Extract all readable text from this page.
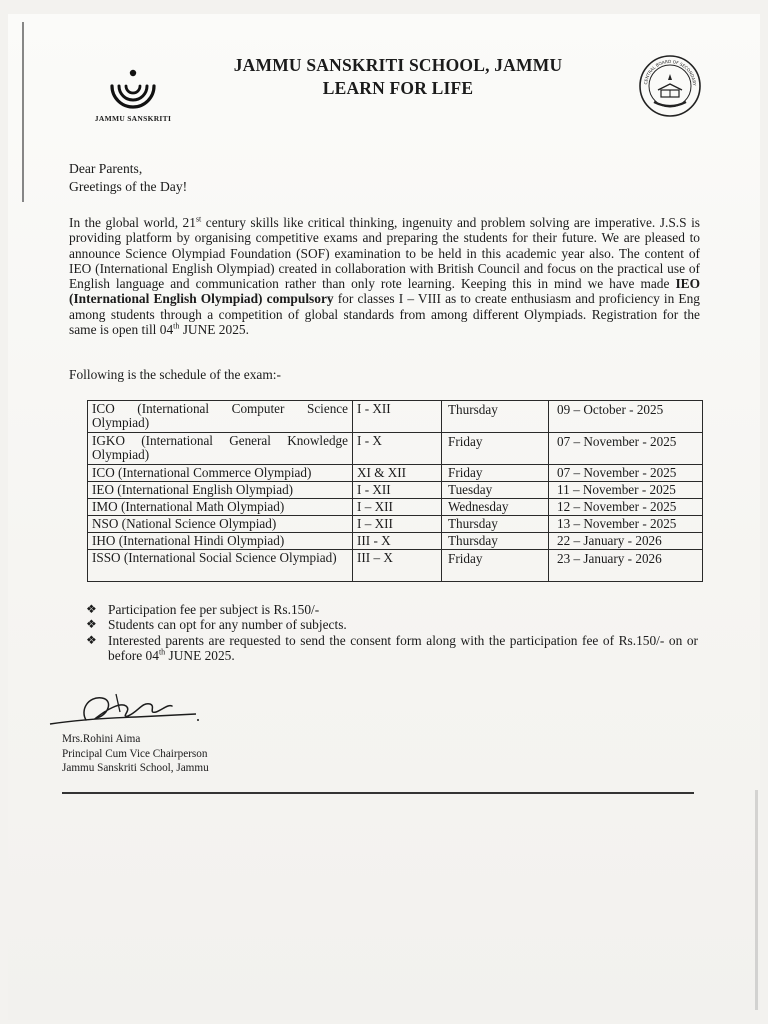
JAMMU SANSKRITI
CENTRAL BOARD OF SECONDARY
JAMMU SANSKRITI SCHOOL, JAMMU
LEARN FOR LIFE
Dear Parents,
Greetings of the Day!
In the global world, 21st century skills like critical thinking, ingenuity and problem solving are imperative. J.S.S is providing platform by organising competitive exams and preparing the students for their future. We are pleased to announce Science Olympiad Foundation (SOF) examination to be held in this academic year also. The content of IEO (International English Olympiad) created in collaboration with British Council and focus on the practical use of English language and communication rather than only rote learning. Keeping this in mind we have made IEO (International English Olympiad) compulsory for classes I – VIII as to create enthusiasm and proficiency in Eng among students through a competition of global standards from among different Olympiads. Registration for the same is open till 04th JUNE 2025.
Following is the schedule of the exam:-
ICO (International Computer Science Olympiad)	I - XII	Thursday	09 – October - 2025
IGKO (International General Knowledge Olympiad)	I - X	Friday	07 – November - 2025
ICO (International Commerce Olympiad)	XI & XII	Friday	07 – November - 2025
IEO (International English Olympiad)	I - XII	Tuesday	11 – November - 2025
IMO (International Math Olympiad)	I – XII	Wednesday	12 – November - 2025
NSO (National Science Olympiad)	I – XII	Thursday	13 – November - 2025
IHO (International Hindi Olympiad)	III - X	Thursday	22 – January - 2026
ISSO (International Social Science Olympiad)	III – X	Friday	23 – January - 2026
❖ Participation fee per subject is Rs.150/-
❖ Students can opt for any number of subjects.
❖ Interested parents are requested to send the consent form along with the participation fee of Rs.150/- on or before 04th JUNE 2025.
Mrs.Rohini Aima
Principal Cum Vice Chairperson
Jammu Sanskriti School, Jammu
